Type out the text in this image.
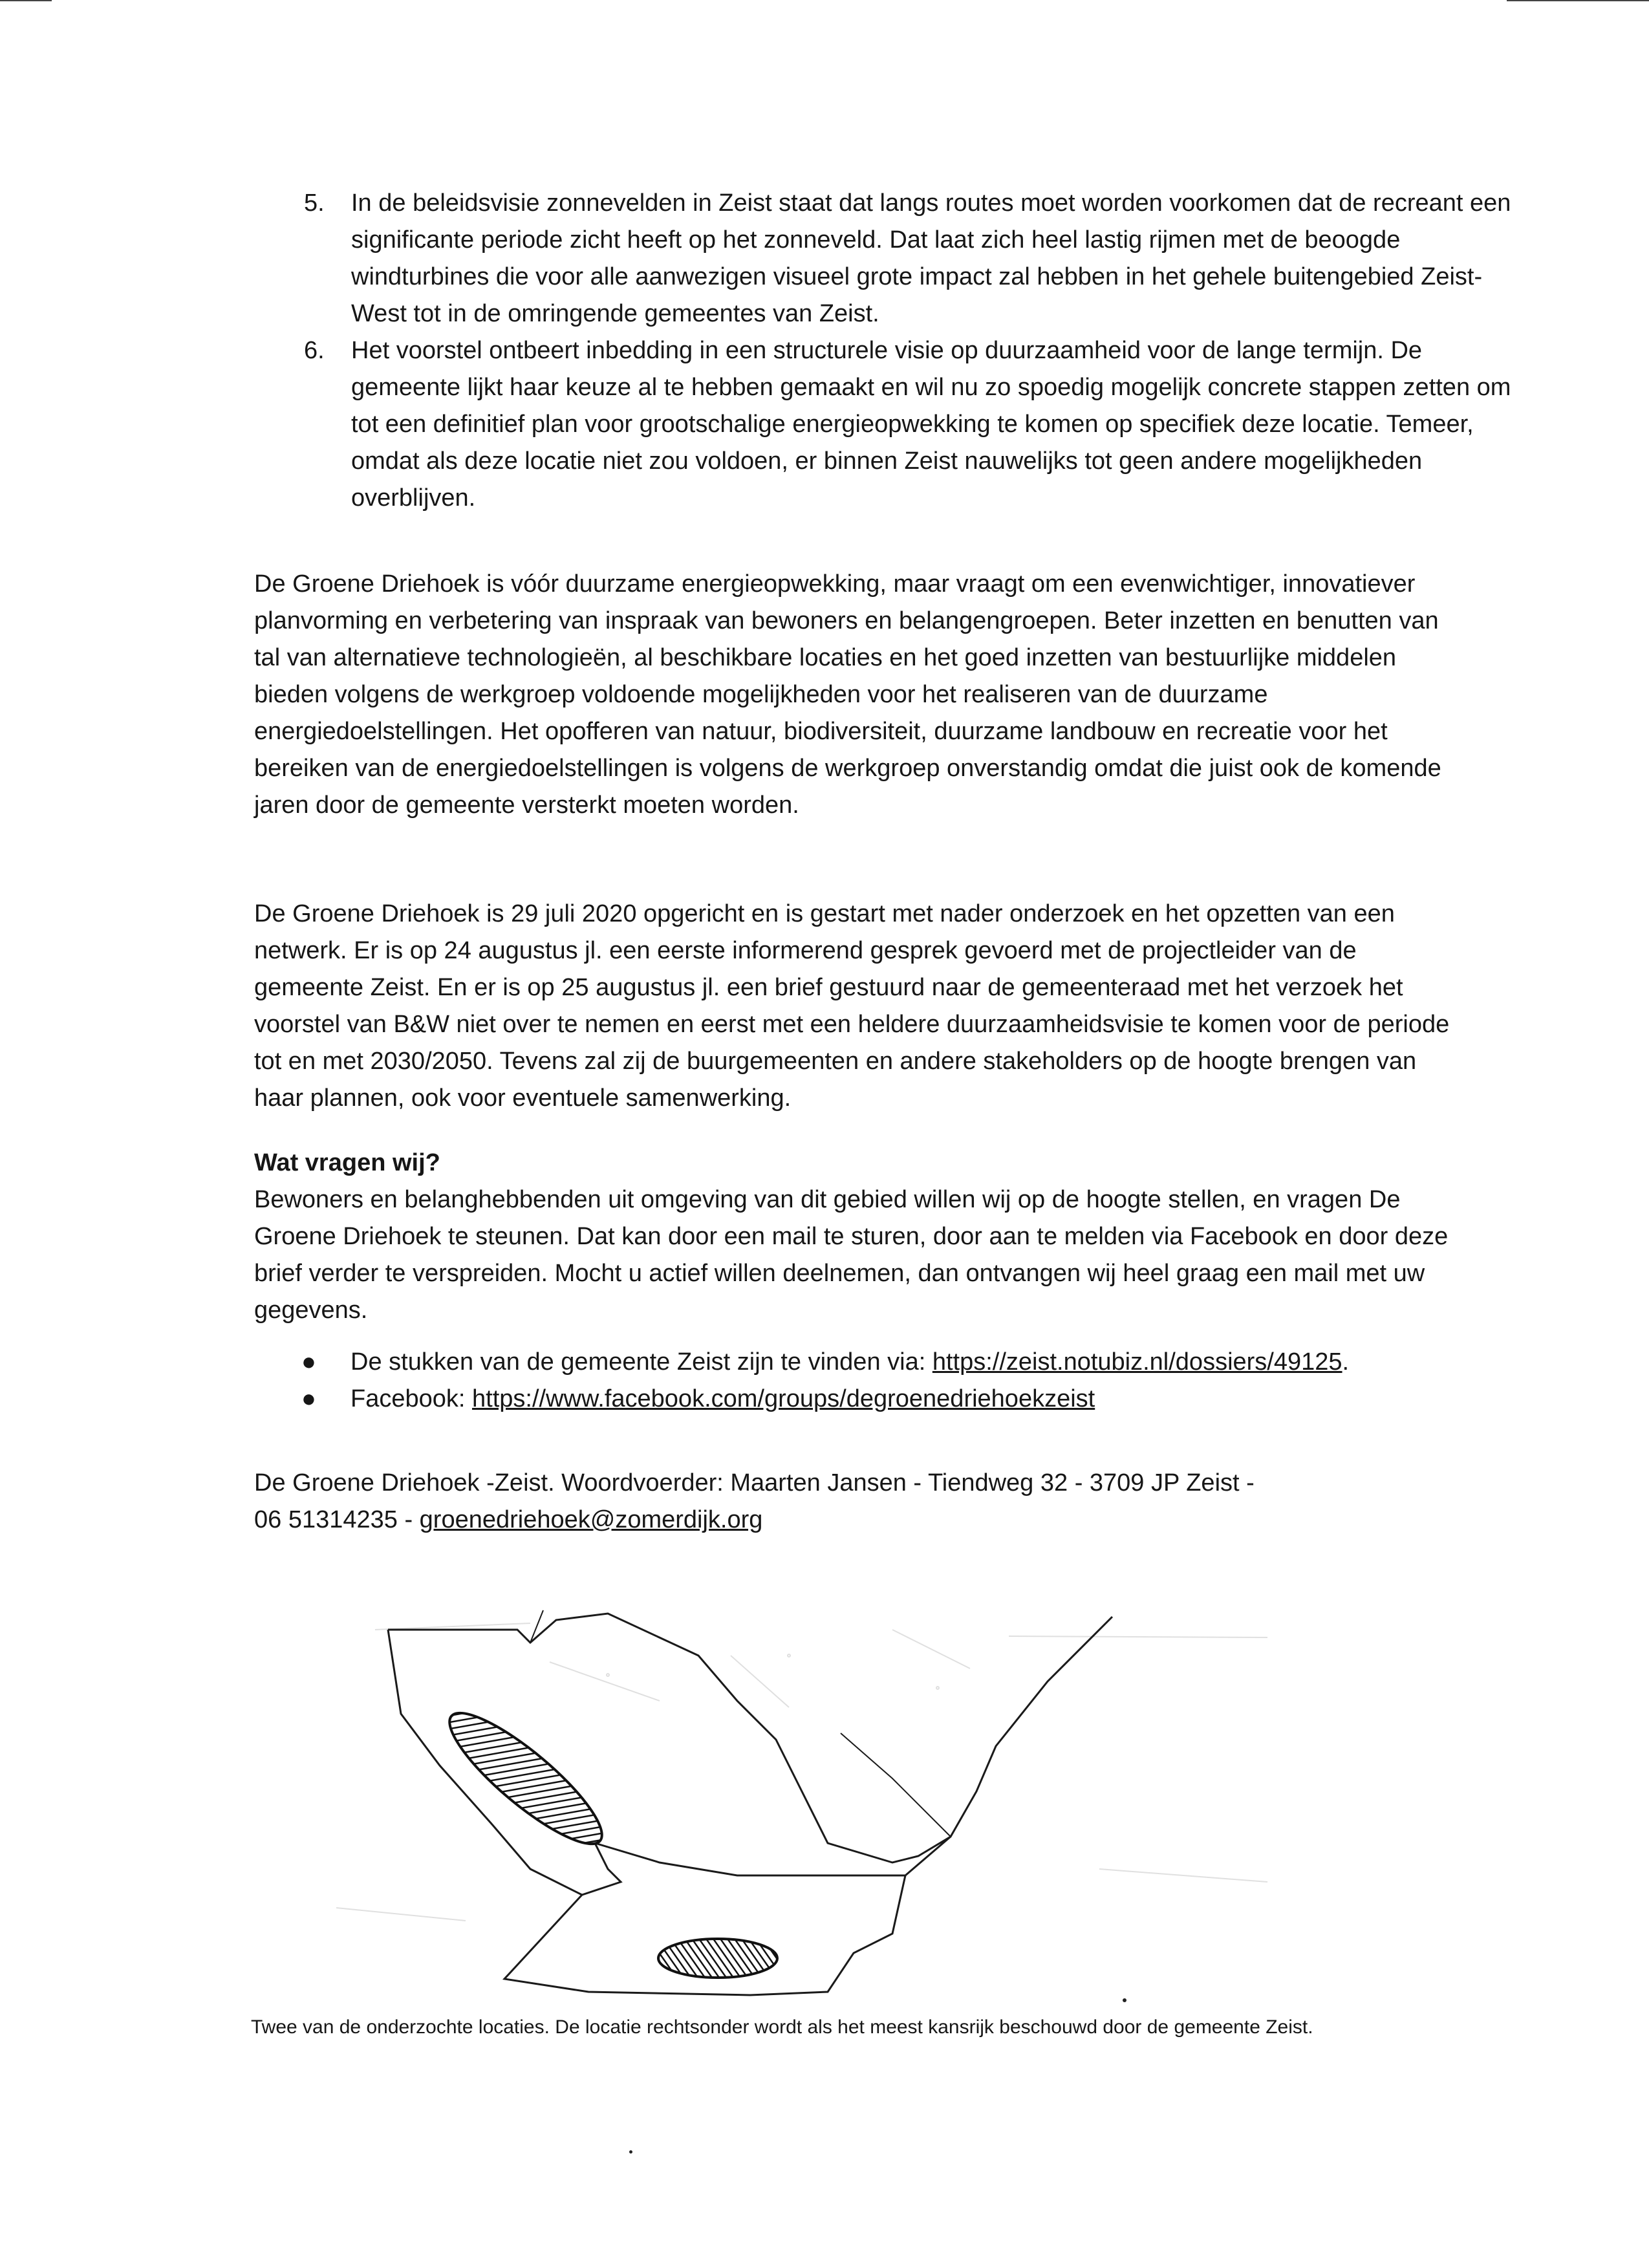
5. In de beleidsvisie zonnevelden in Zeist staat dat langs routes moet worden voorkomen dat de recreant een significante periode zicht heeft op het zonneveld. Dat laat zich heel lastig rijmen met de beoogde windturbines die voor alle aanwezigen visueel grote impact zal hebben in het gehele buitengebied Zeist-West tot in de omringende gemeentes van Zeist.
6. Het voorstel ontbeert inbedding in een structurele visie op duurzaamheid voor de lange termijn. De gemeente lijkt haar keuze al te hebben gemaakt en wil nu zo spoedig mogelijk concrete stappen zetten om tot een definitief plan voor grootschalige energieopwekking te komen op specifiek deze locatie. Temeer, omdat als deze locatie niet zou voldoen, er binnen Zeist nauwelijks tot geen andere mogelijkheden overblijven.

De Groene Driehoek is vóór duurzame energieopwekking, maar vraagt om een evenwichtiger, innovatiever planvorming en verbetering van inspraak van bewoners en belangengroepen. Beter inzetten en benutten van tal van alternatieve technologieën, al beschikbare locaties en het goed inzetten van bestuurlijke middelen bieden volgens de werkgroep voldoende mogelijkheden voor het realiseren van de duurzame energiedoelstellingen. Het opofferen van natuur, biodiversiteit, duurzame landbouw en recreatie voor het bereiken van de energiedoelstellingen is volgens de werkgroep onverstandig omdat die juist ook de komende jaren door de gemeente versterkt moeten worden.

De Groene Driehoek is 29 juli 2020 opgericht en is gestart met nader onderzoek en het opzetten van een netwerk. Er is op 24 augustus jl. een eerste informerend gesprek gevoerd met de projectleider van de gemeente Zeist. En er is op 25 augustus jl. een brief gestuurd naar de gemeenteraad met het verzoek het voorstel van B&W niet over te nemen en eerst met een heldere duurzaamheidsvisie te komen voor de periode tot en met 2030/2050. Tevens zal zij de buurgemeenten en andere stakeholders op de hoogte brengen van haar plannen, ook voor eventuele samenwerking.

Wat vragen wij?

Bewoners en belanghebbenden uit omgeving van dit gebied willen wij op de hoogte stellen, en vragen De Groene Driehoek te steunen. Dat kan door een mail te sturen, door aan te melden via Facebook en door deze brief verder te verspreiden. Mocht u actief willen deelnemen, dan ontvangen wij heel graag een mail met uw gegevens.

● De stukken van de gemeente Zeist zijn te vinden via: https://zeist.notubiz.nl/dossiers/49125.
● Facebook: https://www.facebook.com/groups/degroenedriehoekzeist

De Groene Driehoek -Zeist. Woordvoerder: Maarten Jansen - Tiendweg 32 - 3709 JP Zeist -
06 51314235 - groenedriehoek@zomerdijk.org

Twee van de onderzochte locaties. De locatie rechtsonder wordt als het meest kansrijk beschouwd door de gemeente Zeist.
